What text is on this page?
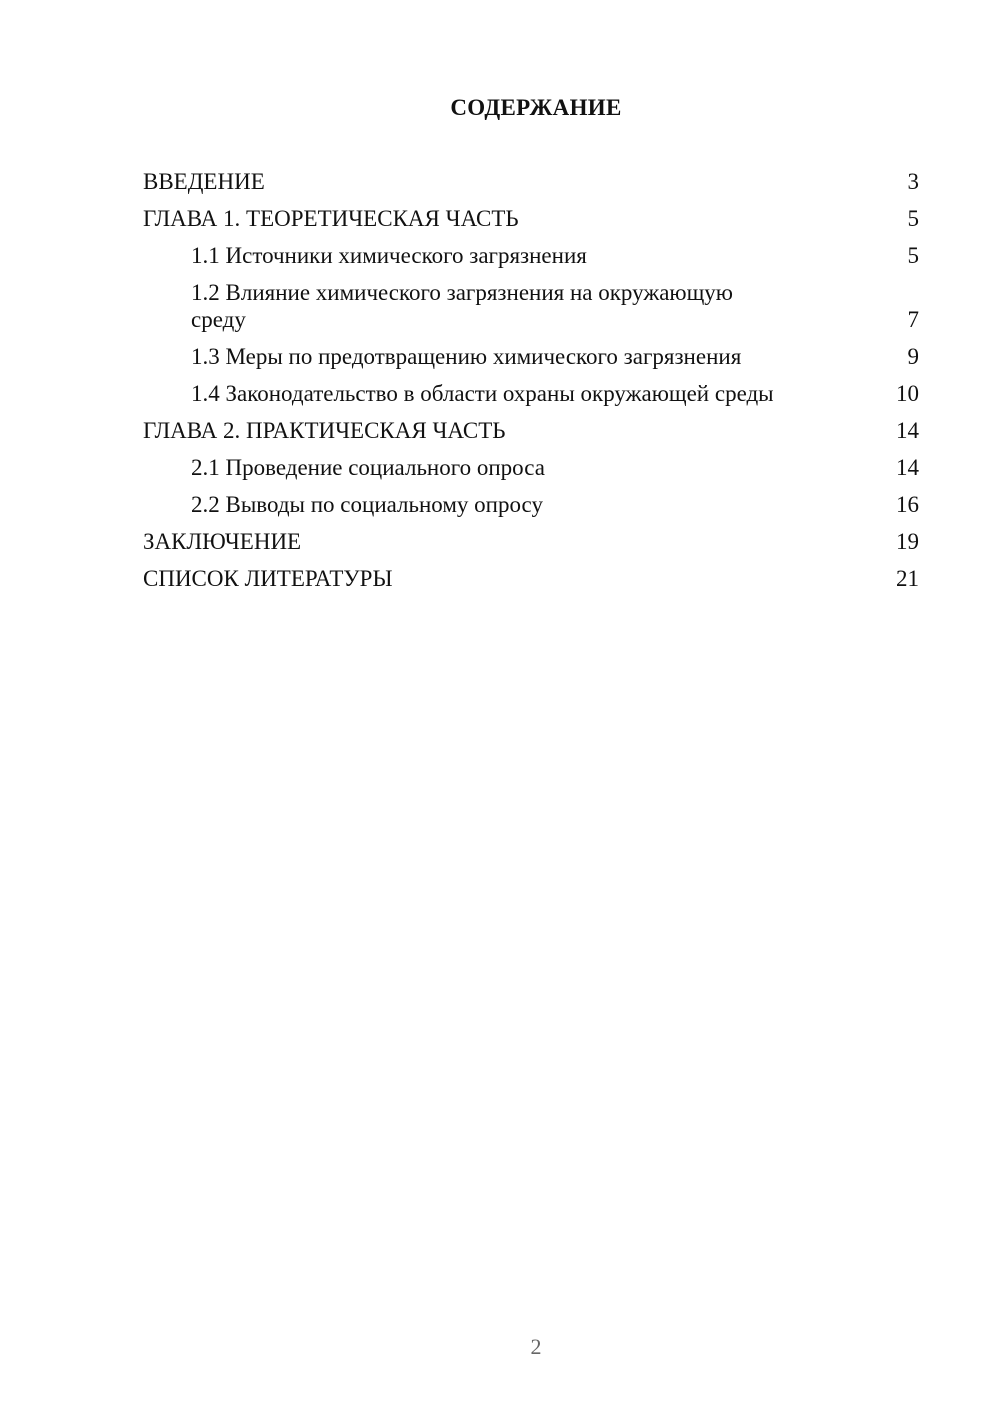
СОДЕРЖАНИЕ
ВВЕДЕНИЕ	3
ГЛАВА 1. ТЕОРЕТИЧЕСКАЯ ЧАСТЬ	5
1.1 Источники химического загрязнения	5
1.2 Влияние химического загрязнения на окружающую среду	7
1.3 Меры по предотвращению химического загрязнения	9
1.4 Законодательство в области охраны окружающей среды	10
ГЛАВА 2. ПРАКТИЧЕСКАЯ ЧАСТЬ	14
2.1 Проведение социального опроса	14
2.2 Выводы по социальному опросу	16
ЗАКЛЮЧЕНИЕ	19
СПИСОК ЛИТЕРАТУРЫ	21
2
